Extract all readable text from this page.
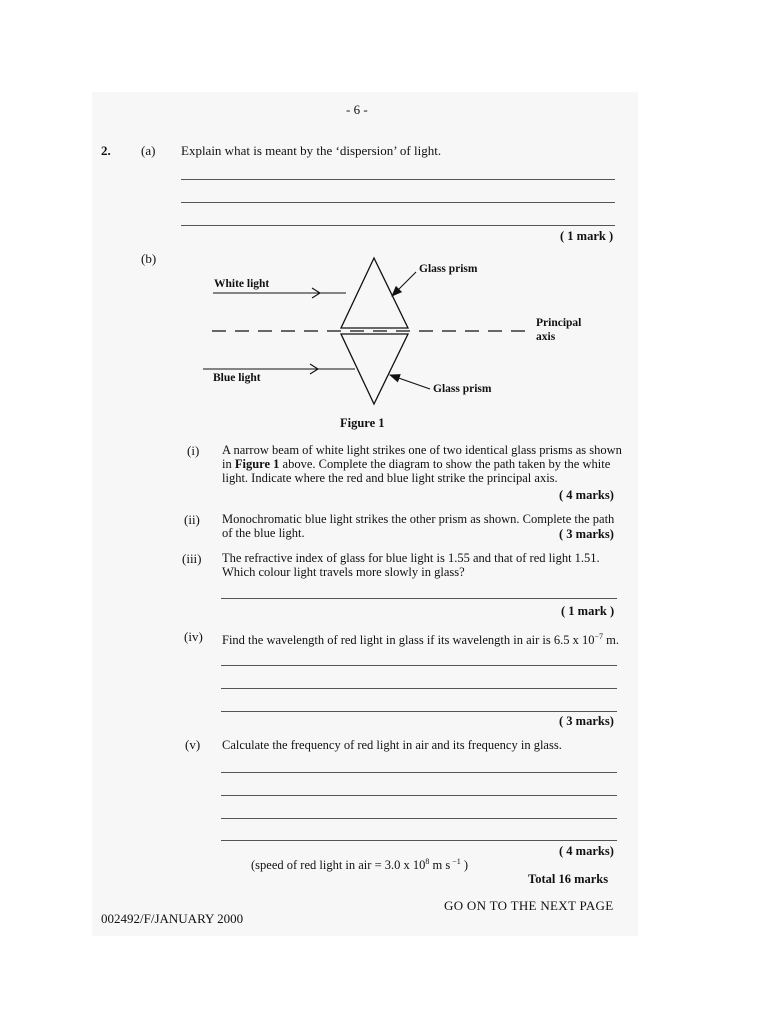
- 6 -
2. (a) Explain what is meant by the ‘dispersion’ of light.
( 1 mark )
(b)
White light
Blue light
Glass prism
Glass prism
Principal
axis
Figure 1
(i) A narrow beam of white light strikes one of two identical glass prisms as shown
in Figure 1 above. Complete the diagram to show the path taken by the white
light. Indicate where the red and blue light strike the principal axis.
( 4 marks)
(ii) Monochromatic blue light strikes the other prism as shown. Complete the path
of the blue light.	( 3 marks)
(iii) The refractive index of glass for blue light is 1.55 and that of red light 1.51.
Which colour light travels more slowly in glass?
( 1 mark )
(iv) Find the wavelength of red light in glass if its wavelength in air is 6.5 x $10^{-7}$ m.
( 3 marks)
(v) Calculate the frequency of red light in air and its frequency in glass.
( 4 marks)
(speed of red light in air = 3.0 x $10^8$ m s $^{-1}$ )
Total 16 marks
GO ON TO THE NEXT PAGE
002492/F/JANUARY 2000
